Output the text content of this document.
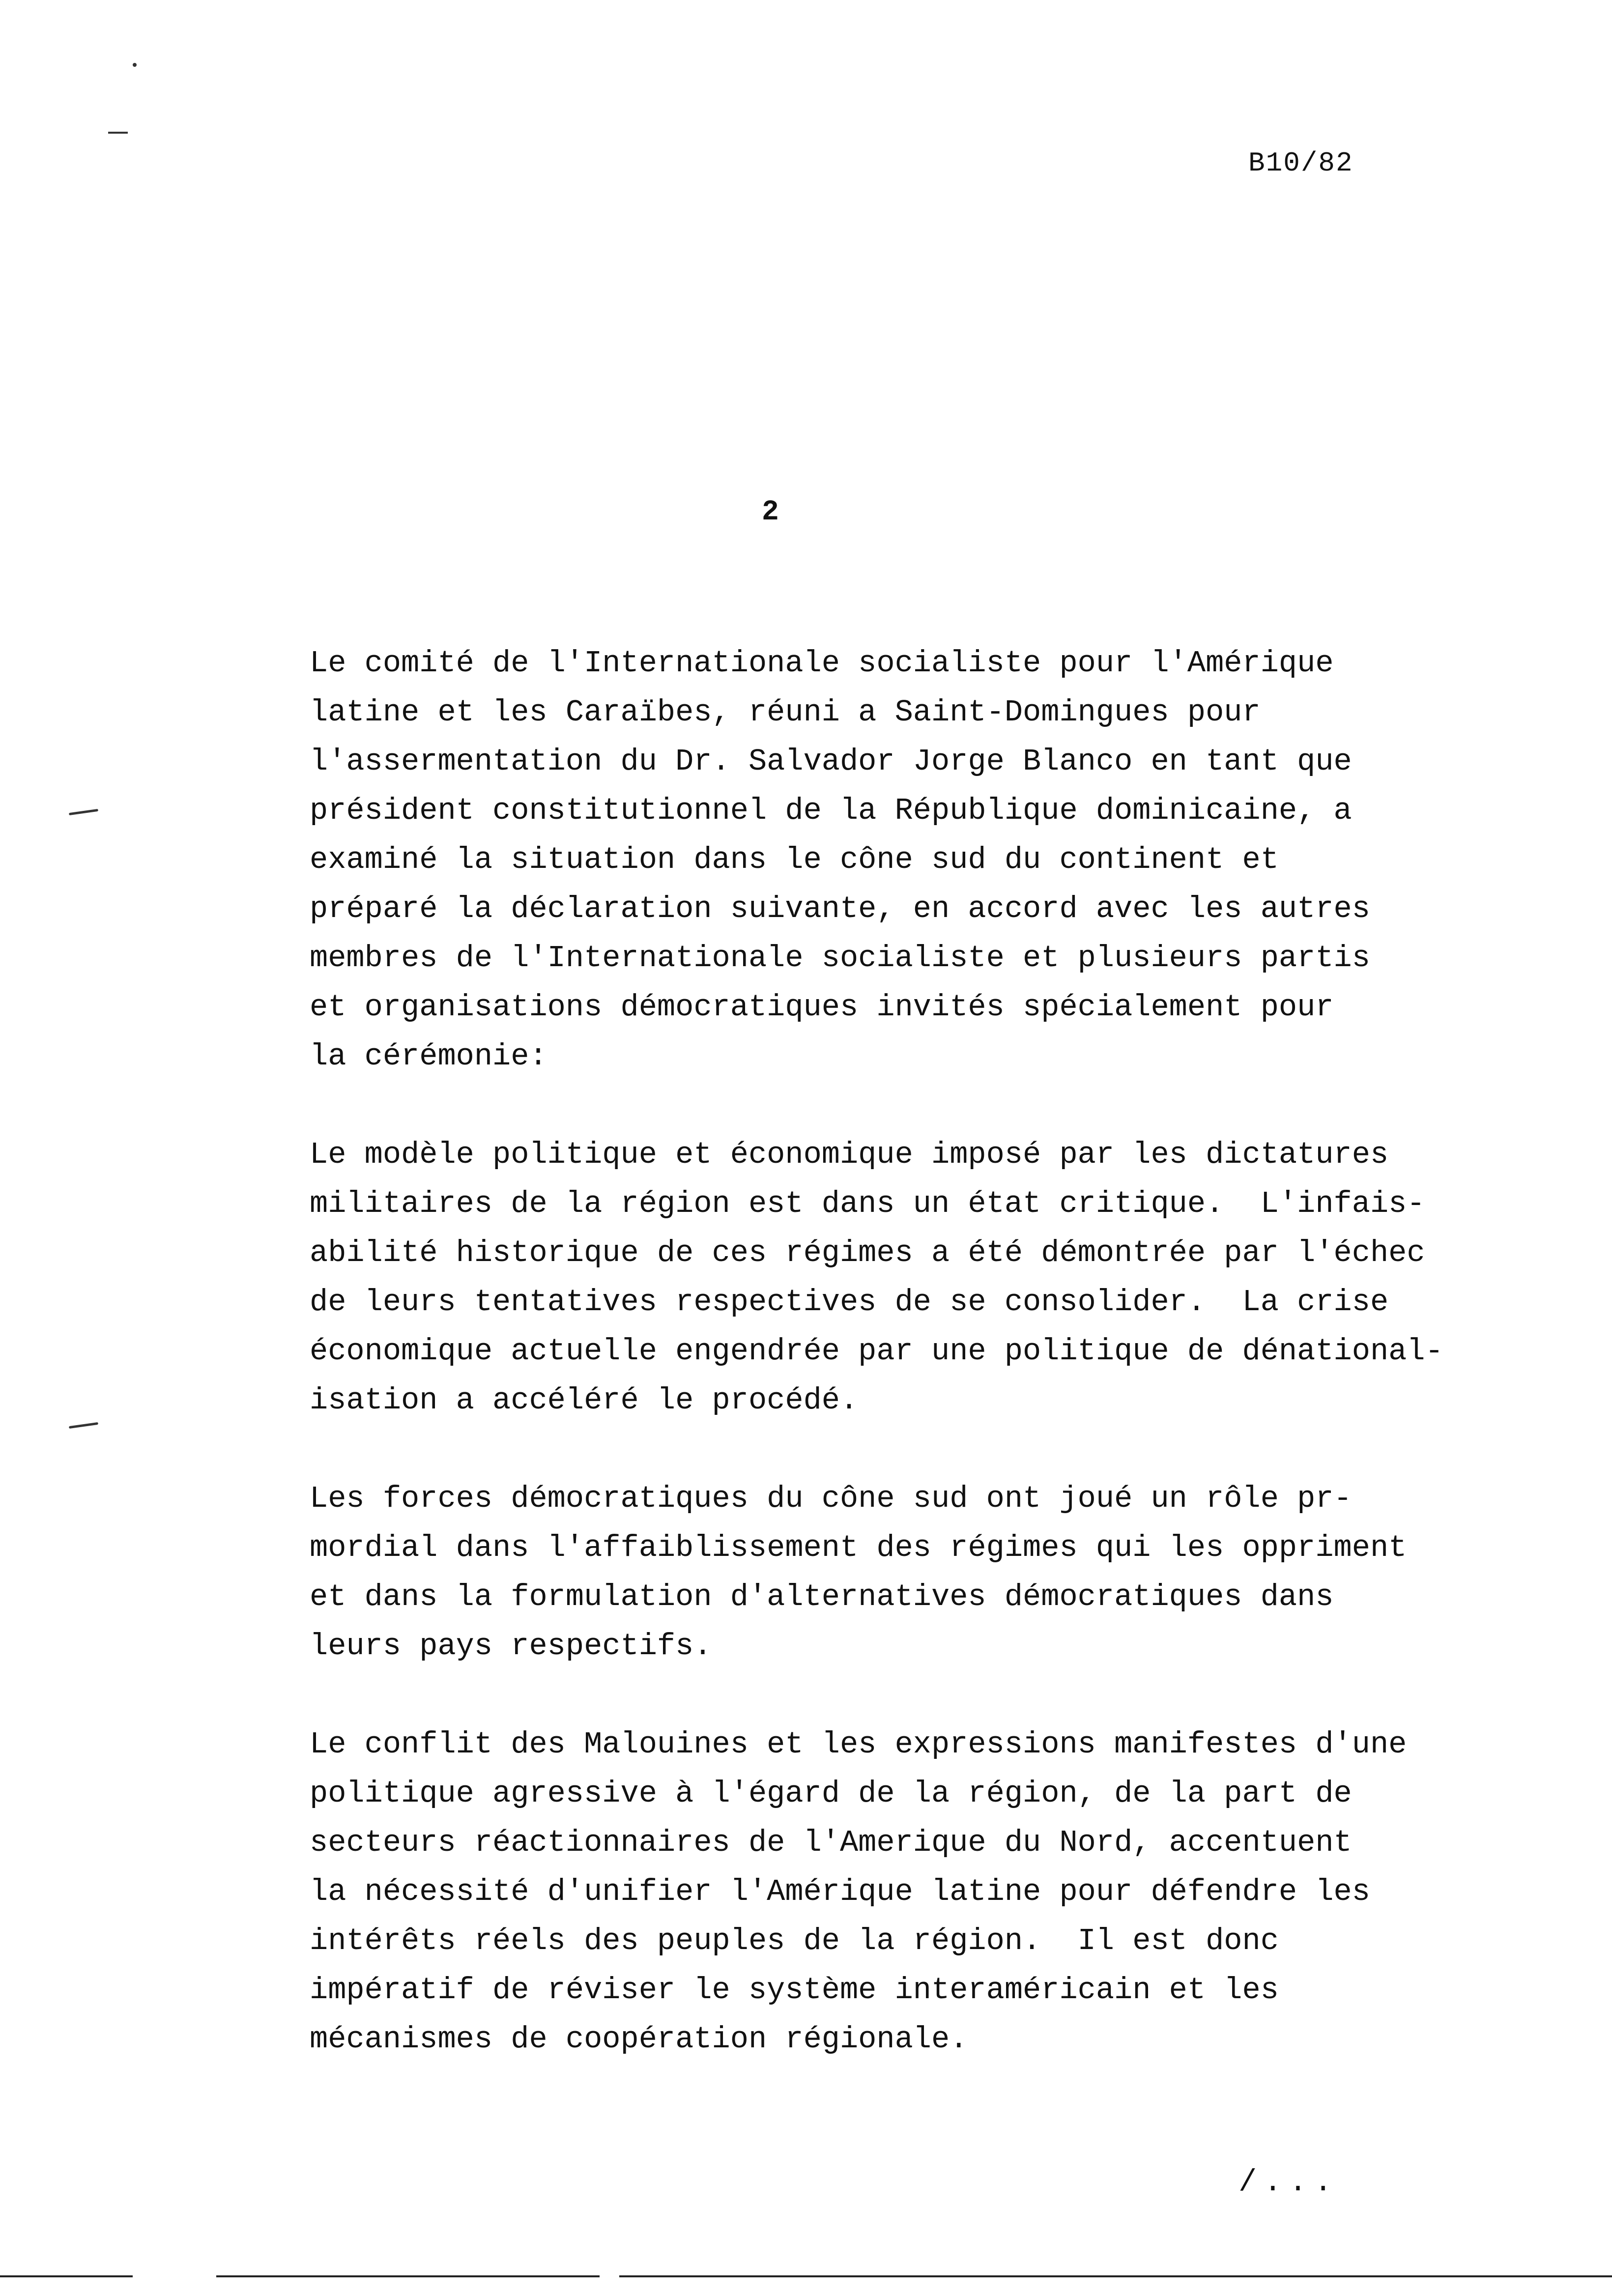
B10/82
2
Le comité de l'Internationale socialiste pour l'Amérique
latine et les Caraïbes, réuni a Saint-Domingues pour
l'assermentation du Dr. Salvador Jorge Blanco en tant que
président constitutionnel de la République dominicaine, a
examiné la situation dans le cône sud du continent et
préparé la déclaration suivante, en accord avec les autres
membres de l'Internationale socialiste et plusieurs partis
et organisations démocratiques invités spécialement pour
la cérémonie:
Le modèle politique et économique imposé par les dictatures
militaires de la région est dans un état critique.  L'infais-
abilité historique de ces régimes a été démontrée par l'échec
de leurs tentatives respectives de se consolider.  La crise
économique actuelle engendrée par une politique de dénational-
isation a accéléré le procédé.
Les forces démocratiques du cône sud ont joué un rôle pr-
mordial dans l'affaiblissement des régimes qui les oppriment
et dans la formulation d'alternatives démocratiques dans
leurs pays respectifs.
Le conflit des Malouines et les expressions manifestes d'une
politique agressive à l'égard de la région, de la part de
secteurs réactionnaires de l'Amerique du Nord, accentuent
la nécessité d'unifier l'Amérique latine pour défendre les
intérêts réels des peuples de la région.  Il est donc
impératif de réviser le système interaméricain et les
mécanismes de coopération régionale.
/...
